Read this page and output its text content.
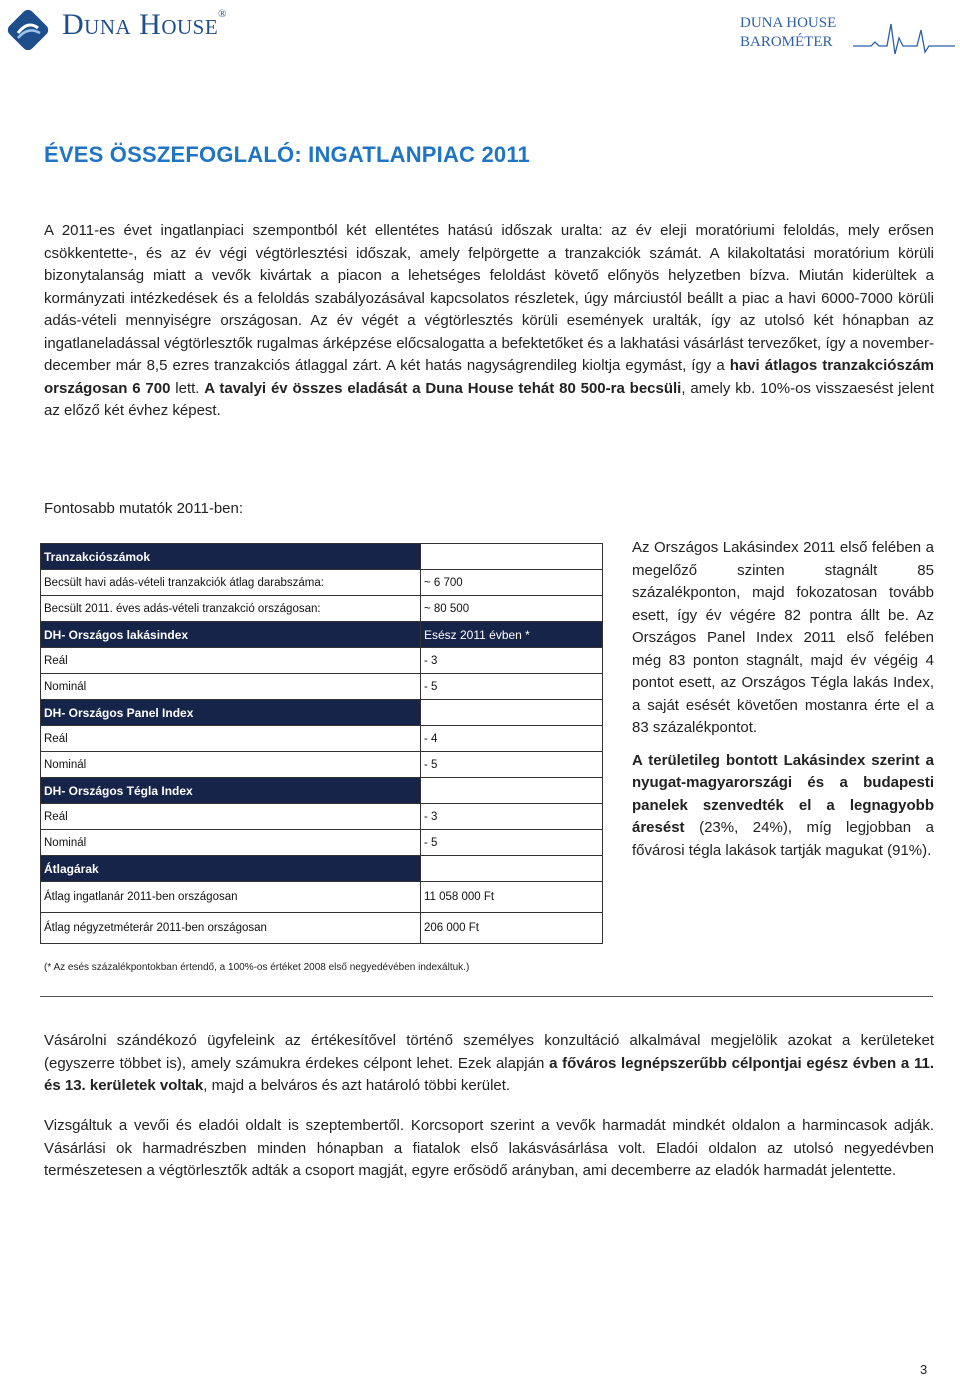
Duna House®
DUNA HOUSE
BAROMÉTER
ÉVES ÖSSZEFOGLALÓ: INGATLANPIAC 2011
A 2011-es évet ingatlanpiaci szempontból két ellentétes hatású időszak uralta: az év eleji moratóriumi feloldás, mely erősen csökkentette-, és az év végi végtörlesztési időszak, amely felpörgette a tranzakciók számát. A kilakoltatási moratórium körüli bizonytalanság miatt a vevők kivártak a piacon a lehetséges feloldást követő előnyös helyzetben bízva. Miután kiderültek a kormányzati intézkedések és a feloldás szabályozásával kapcsolatos részletek, úgy márciustól beállt a piac a havi 6000-7000 körüli adás-vételi mennyiségre országosan. Az év végét a végtörlesztés körüli események uralták, így az utolsó két hónapban az ingatlaneladással végtörlesztők rugalmas árképzése előcsalogatta a befektetőket és a lakhatási vásárlást tervezőket, így a november-december már 8,5 ezres tranzakciós átlaggal zárt. A két hatás nagyságrendileg kioltja egymást, így a havi átlagos tranzakciószám országosan 6 700 lett. A tavalyi év összes eladását a Duna House tehát 80 500-ra becsüli, amely kb. 10%-os visszaesést jelent az előző két évhez képest.
Fontosabb mutatók 2011-ben:
Tranzakciószámok	
Becsült havi adás-vételi tranzakciók átlag darabszáma:	~ 6 700
Becsült 2011. éves adás-vételi tranzakció országosan:	~ 80 500
DH- Országos lakásindex	Esész 2011 évben *
Reál	- 3
Nominál	- 5
DH- Országos Panel Index	
Reál	- 4
Nominál	- 5
DH- Országos Tégla Index	
Reál	- 3
Nominál	- 5
Átlagárak	
Átlag ingatlanár 2011-ben országosan	11 058 000 Ft
Átlag négyzetméterár 2011-ben országosan	206 000 Ft

Az Országos Lakásindex 2011 első felében a megelőző szinten stagnált 85 százalékponton, majd fokozatosan tovább esett, így év végére 82 pontra állt be. Az Országos Panel Index 2011 első felében még 83 ponton stagnált, majd év végéig 4 pontot esett, az Országos Tégla lakás Index, a saját esését követően mostanra érte el a 83 százalékpontot.

A területileg bontott Lakásindex szerint a nyugat-magyarországi és a budapesti panelek szenvedték el a legnagyobb áresést (23%, 24%), míg legjobban a fővárosi tégla lakások tartják magukat (91%).

(* Az esés százalékpontokban értendő, a 100%-os értéket 2008 első negyedévében indexáltuk.)
Vásárolni szándékozó ügyfeleink az értékesítővel történő személyes konzultáció alkalmával megjelölik azokat a kerületeket (egyszerre többet is), amely számukra érdekes célpont lehet. Ezek alapján a főváros legnépszerűbb célpontjai egész évben a 11. és 13. kerületek voltak, majd a belváros és azt határoló többi kerület.
Vizsgáltuk a vevői és eladói oldalt is szeptembertől. Korcsoport szerint a vevők harmadát mindkét oldalon a harmincasok adják. Vásárlási ok harmadrészben minden hónapban a fiatalok első lakásvásárlása volt. Eladói oldalon az utolsó negyedévben természetesen a végtörlesztők adták a csoport magját, egyre erősödő arányban, ami decemberre az eladók harmadát jelentette.
3
